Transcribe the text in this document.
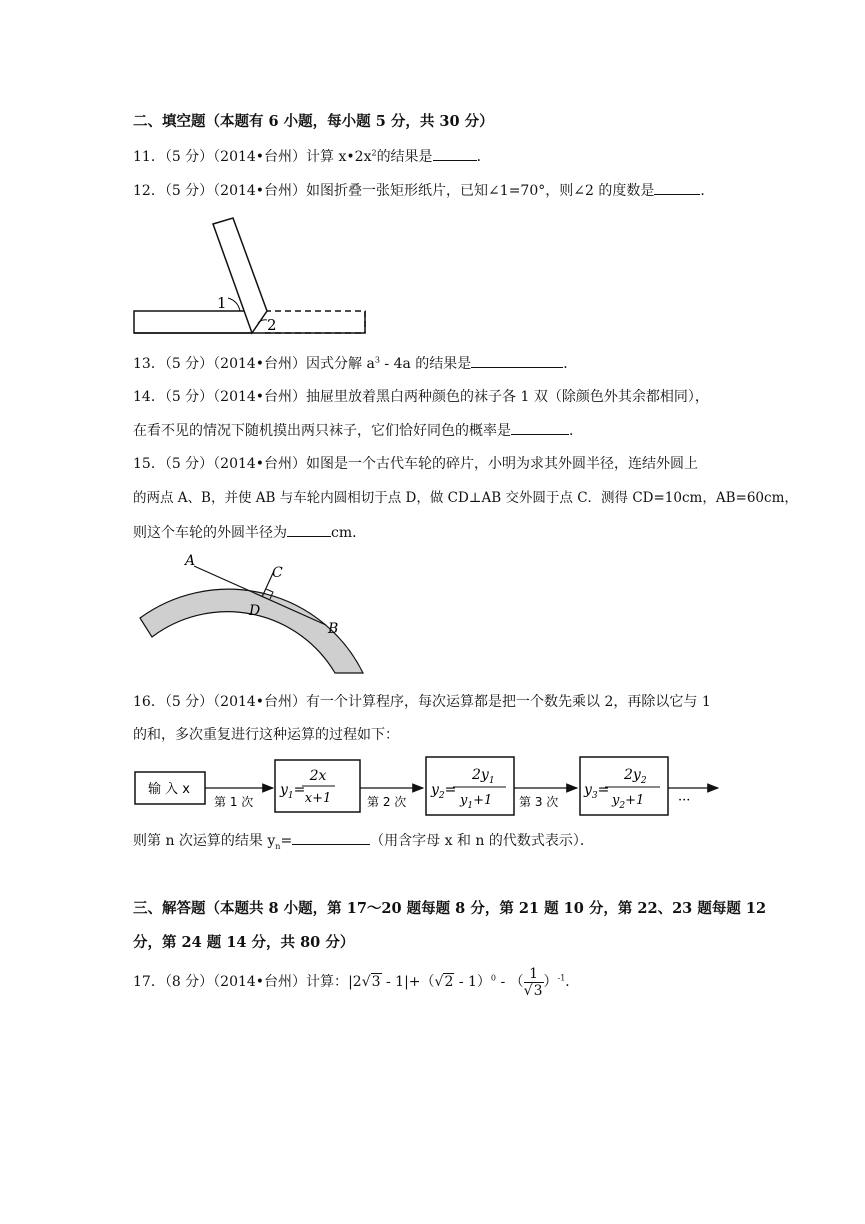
二、填空题（本题有 6 小题，每小题 5 分，共 30 分）
11．（5 分）（2014•台州）计算 $x•2x^2$的结果是	．
12．（5 分）（2014•台州）如图折叠一张矩形纸片，已知∠1=70°，则∠2 的度数是	．
1
2
13．（5 分）（2014•台州）因式分解 $a^3 - 4a$ 的结果是	．
14．（5 分）（2014•台州）抽屉里放着黑白两种颜色的袜子各 1 双（除颜色外其余都相同），
在看不见的情况下随机摸出两只袜子，它们恰好同色的概率是	．
15．（5 分）（2014•台州）如图是一个古代车轮的碎片，小明为求其外圆半径，连结外圆上
的两点 A、B，并使 AB 与车轮内圆相切于点 D，做 CD⊥AB 交外圆于点 C．测得 CD=10cm，AB=60cm，
则这个车轮的外圆半径为	cm．
A
C
D
B
16．（5 分）（2014•台州）有一个计算程序，每次运算都是把一个数先乘以 2，再除以它与 1
的和，多次重复进行这种运算的过程如下：
输 入 x
第 1 次
$y_1=$
2x
x+1	第 2 次
$y_2=$
$2y_1$
$y_1+1$ 第 3 次
$y_3=$
$2y_2$
$y_2+1$	···
则第 n 次运算的结果 $y_n=$	（用含字母 x 和 n 的代数式表示）．
三、解答题（本题共 8 小题，第 17～20 题每题 8 分，第 21 题 10 分，第 22、23 题每题 12
分，第 24 题 14 分，共 80 分）
17．（8 分）（2014•台州）计算：|2√3 - 1|+（√2 - 1）$^0$ - （ $\frac{1}{√3} )^{-1}$．
